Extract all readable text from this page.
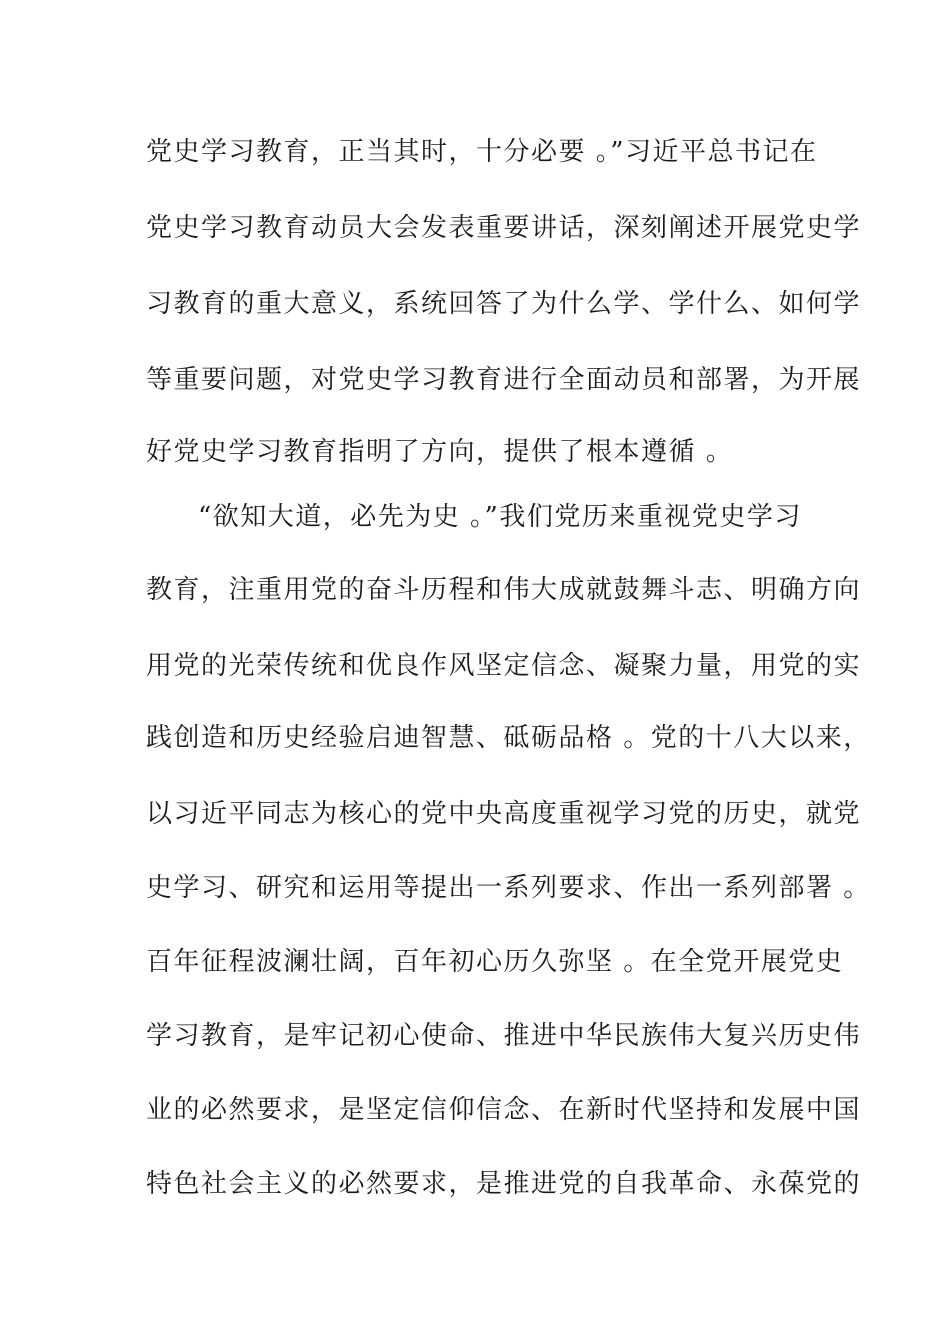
党史学习教育，正当其时，十分必要 。”习近平总书记在
党史学习教育动员大会发表重要讲话，深刻阐述开展党史学
习教育的重大意义，系统回答了为什么学、学什么、如何学
等重要问题，对党史学习教育进行全面动员和部署，为开展
好党史学习教育指明了方向，提供了根本遵循 。
“欲知大道，必先为史 。”我们党历来重视党史学习
教育，注重用党的奋斗历程和伟大成就鼓舞斗志、明确方向
用党的光荣传统和优良作风坚定信念、凝聚力量，用党的实
践创造和历史经验启迪智慧、砥砺品格 。党的十八大以来，
以习近平同志为核心的党中央高度重视学习党的历史，就党
史学习、研究和运用等提出一系列要求、作出一系列部署 。
百年征程波澜壮阔，百年初心历久弥坚 。在全党开展党史
学习教育，是牢记初心使命、推进中华民族伟大复兴历史伟
业的必然要求，是坚定信仰信念、在新时代坚持和发展中国
特色社会主义的必然要求，是推进党的自我革命、永葆党的
